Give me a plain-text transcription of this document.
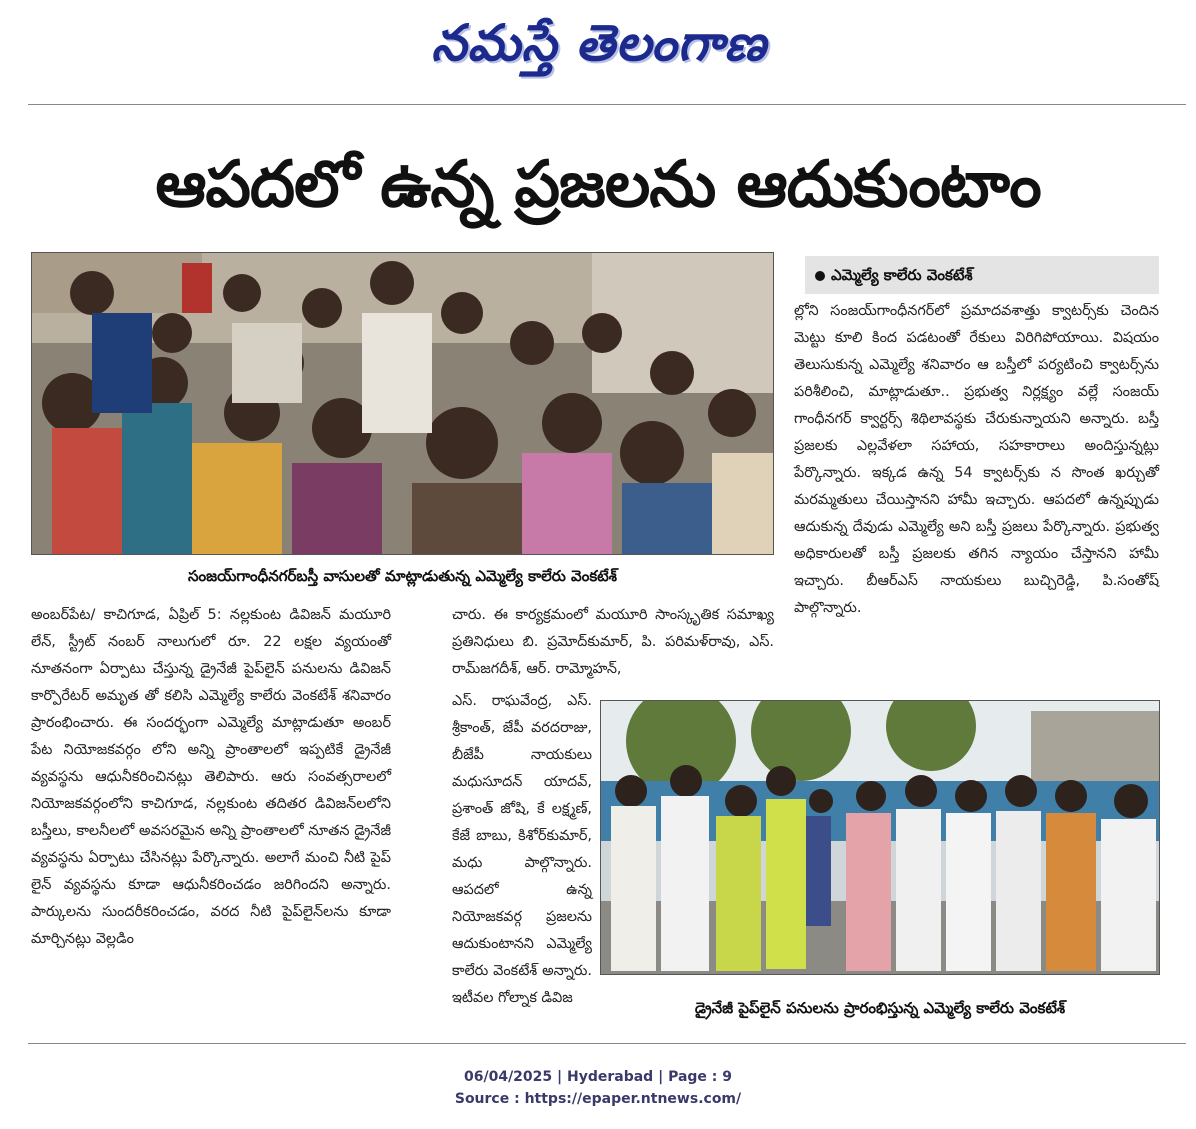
నమస్తే తెలంగాణ
ఆపదలో ఉన్న ప్రజలను ఆదుకుంటాం
సంజయ్‌గాంధీనగర్‌బస్తీ వాసులతో మాట్లాడుతున్న ఎమ్మెల్యే కాలేరు వెంకటేశ్
ఎమ్మెల్యే కాలేరు వెంకటేశ్

ల్లోని సంజయ్‌గాంధీనగర్‌లో ప్రమాదవశాత్తు క్వాటర్స్‌కు చెందిన మెట్టు కూలి కింద పడటంతో రేకులు విరిగిపోయాయి. విషయం తెలుసుకున్న ఎమ్మెల్యే శనివారం ఆ బస్తీలో పర్యటించి క్వాటర్స్‌ను పరిశీలించి, మాట్లాడుతూ.. ప్రభుత్వ నిర్లక్ష్యం వల్లే సంజయ్ గాంధీనగర్ క్వార్టర్స్ శిథిలావస్థకు చేరుకున్నాయని అన్నారు. బస్తీ ప్రజలకు ఎల్లవేళలా సహాయ, సహకారాలు అందిస్తున్నట్లు పేర్కొన్నారు. ఇక్కడ ఉన్న 54 క్వాటర్స్‌కు న సొంత ఖర్చుతో మరమ్మతులు చేయిస్తానని హామీ ఇచ్చారు. ఆపదలో ఉన్నప్పుడు ఆదుకున్న దేవుడు ఎమ్మెల్యే అని బస్తీ ప్రజలు పేర్కొన్నారు. ప్రభుత్వ అధికారులతో బస్తీ ప్రజలకు తగిన న్యాయం చేస్తానని హామీ ఇచ్చారు. బీఆర్‌ఎస్ నాయకులు బుచ్చిరెడ్డి, పి.సంతోష్ పాల్గొన్నారు.

అంబర్‌పేట/ కాచిగూడ, ఏప్రిల్ 5: నల్లకుంట డివిజన్ మయూరి లేన్, స్ట్రీట్ నంబర్ నాలుగులో రూ. 22 లక్షల వ్యయంతో నూతనంగా ఏర్పాటు చేస్తున్న డ్రైనేజీ పైప్‌లైన్ పనులను డివిజన్ కార్పొరేటర్ అమృత తో కలిసి ఎమ్మెల్యే కాలేరు వెంకటేశ్ శనివారం ప్రారంభించారు. ఈ సందర్భంగా ఎమ్మెల్యే మాట్లాడుతూ అంబర్ పేట నియోజకవర్గం లోని అన్ని ప్రాంతాలలో ఇప్పటికే డ్రైనేజీ వ్యవస్థను ఆధునీకరించినట్లు తెలిపారు. ఆరు సంవత్సరాలలో నియోజకవర్గంలోని కాచిగూడ, నల్లకుంట తదితర డివిజన్‌లలోని బస్తీలు, కాలనీలలో అవసరమైన అన్ని ప్రాంతాలలో నూతన డ్రైనేజీ వ్యవస్థను ఏర్పాటు చేసినట్లు పేర్కొన్నారు. అలాగే మంచి నీటి పైప్ లైన్ వ్యవస్థను కూడా ఆధునీకరించడం జరిగిందని అన్నారు. పార్కులను సుందరీకరించడం, వరద నీటి పైప్‌లైన్‌లను కూడా మార్చినట్లు వెల్లడిం

చారు. ఈ కార్యక్రమంలో మయూరి సాంస్కృతిక సమాఖ్య ప్రతినిధులు బి. ప్రమోద్‌కుమార్, పి. పరిమళ్‌రావు, ఎస్. రామ్‌జగదీశ్, ఆర్. రామ్మోహన్,

ఎస్. రాఘవేంద్ర, ఎస్. శ్రీకాంత్, జేపీ వరదరాజు, బీజేపీ నాయకులు మధుసూదన్ యాదవ్, ప్రశాంత్ జోషి, కే లక్ష్మణ్, కేజే బాబు, కిశోర్‌కుమార్, మధు పాల్గొన్నారు. ఆపదలో ఉన్న నియోజకవర్గ ప్రజలను ఆదుకుంటానని ఎమ్మెల్యే కాలేరు వెంకటేశ్ అన్నారు. ఇటీవల గోల్నాక డివిజ

డ్రైనేజీ పైప్‌లైన్ పనులను ప్రారంభిస్తున్న ఎమ్మెల్యే కాలేరు వెంకటేశ్
06/04/2025 | Hyderabad | Page : 9
Source : https://epaper.ntnews.com/
